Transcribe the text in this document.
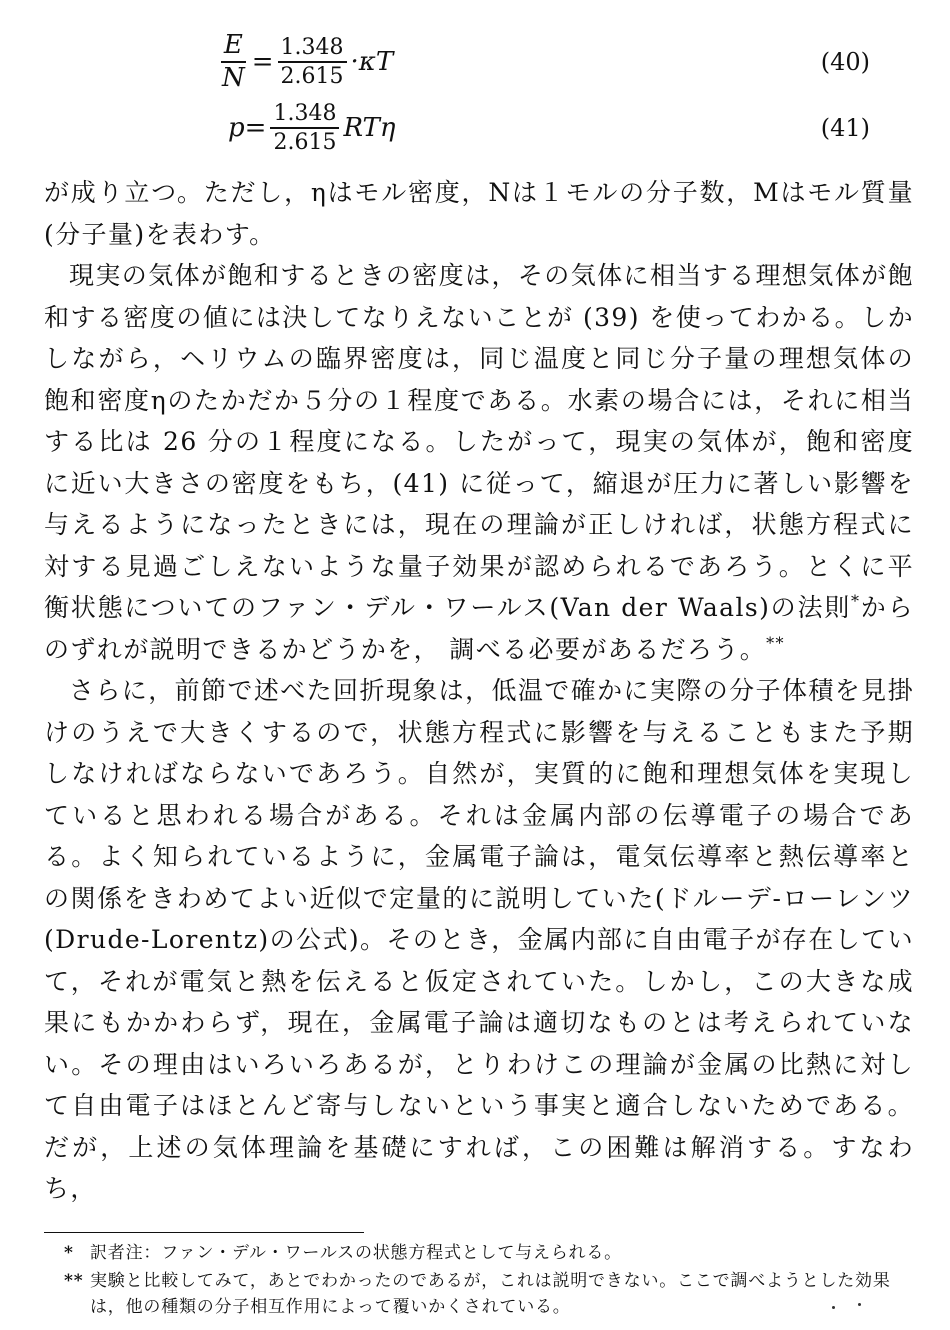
$\frac{E}{N} = \frac{1.348}{2.615} \cdot\kappa T$	(40)
$p = \frac{1.348}{2.615}$ RTη	(41)

が成り立つ。ただし，ηはモル密度，Nは１モルの分子数，Mはモル質量(分子量)を表わす。

現実の気体が飽和するときの密度は，その気体に相当する理想気体が飽和する密度の値には決してなりえないことが (39) を使ってわかる。しかしながら，ヘリウムの臨界密度は，同じ温度と同じ分子量の理想気体の飽和密度ηのたかだか５分の１程度である。水素の場合には，それに相当する比は 26 分の１程度になる。したがって，現実の気体が，飽和密度に近い大きさの密度をもち，(41) に従って，縮退が圧力に著しい影響を与えるようになったときには，現在の理論が正しければ，状態方程式に対する見過ごしえないような量子効果が認められるであろう。とくに平衡状態についてのファン・デル・ワールス(Van der Waals)の法則*からのずれが説明できるかどうかを， 調べる必要があるだろう。**

さらに，前節で述べた回折現象は，低温で確かに実際の分子体積を見掛けのうえで大きくするので，状態方程式に影響を与えることもまた予期しなければならないであろう。自然が，実質的に飽和理想気体を実現していると思われる場合がある。それは金属内部の伝導電子の場合である。よく知られているように，金属電子論は，電気伝導率と熱伝導率との関係をきわめてよい近似で定量的に説明していた(ドルーデ-ローレンツ(Drude-Lorentz)の公式)。そのとき，金属内部に自由電子が存在していて，それが電気と熱を伝えると仮定されていた。しかし，この大きな成果にもかかわらず，現在，金属電子論は適切なものとは考えられていない。その理由はいろいろあるが，とりわけこの理論が金属の比熱に対して自由電子はほとんど寄与しないという事実と適合しないためである。だが，上述の気体理論を基礎にすれば，この困難は解消する。すなわち，

* 訳者注：ファン・デル・ワールスの状態方程式として与えられる。
** 実験と比較してみて，あとでわかったのであるが，これは説明できない。ここで調べようとした効果は，他の種類の分子相互作用によって覆いかくされている。
